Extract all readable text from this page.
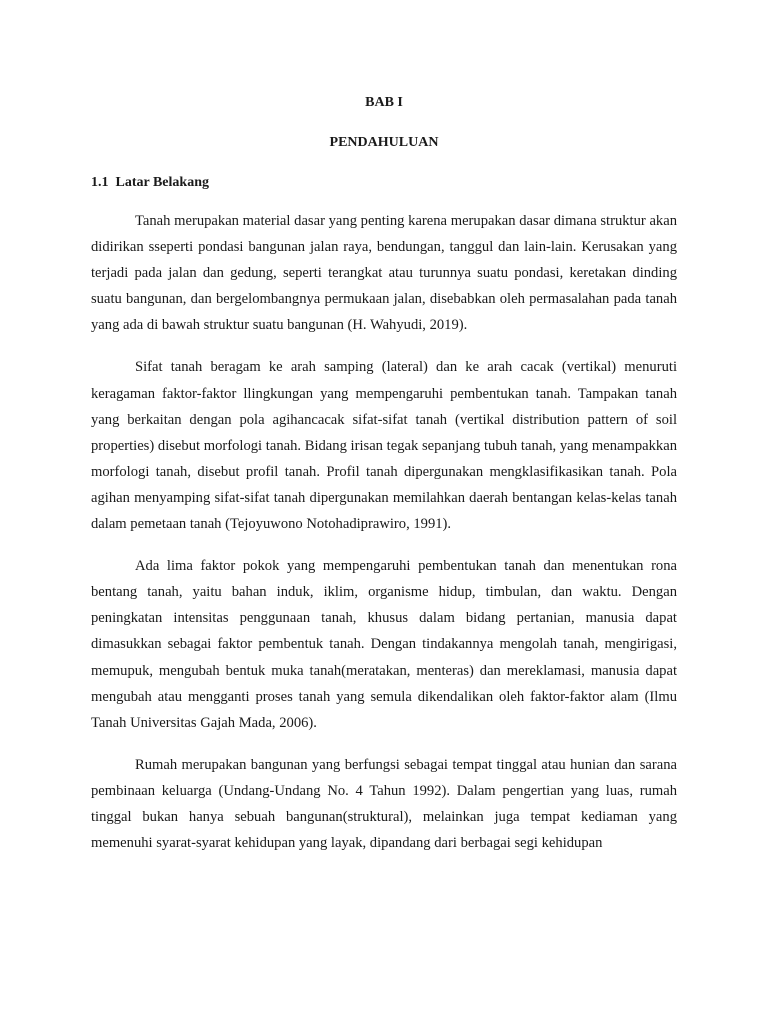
BAB I
PENDAHULUAN
1.1  Latar Belakang

Tanah merupakan material dasar yang penting karena merupakan dasar dimana struktur akan didirikan sseperti pondasi bangunan jalan raya, bendungan, tanggul dan lain-lain. Kerusakan yang terjadi pada jalan dan gedung, seperti terangkat atau turunnya suatu pondasi, keretakan dinding suatu bangunan, dan bergelombangnya permukaan jalan, disebabkan oleh permasalahan pada tanah yang ada di bawah struktur suatu bangunan (H. Wahyudi, 2019).

Sifat tanah beragam ke arah samping (lateral) dan ke arah cacak (vertikal) menuruti keragaman faktor-faktor llingkungan yang mempengaruhi pembentukan tanah. Tampakan tanah yang berkaitan dengan pola agihancacak sifat-sifat tanah (vertikal distribution pattern of soil properties) disebut morfologi tanah. Bidang irisan tegak sepanjang tubuh tanah, yang menampakkan morfologi tanah, disebut profil tanah. Profil tanah dipergunakan mengklasifikasikan tanah. Pola agihan menyamping sifat-sifat tanah dipergunakan memilahkan daerah bentangan kelas-kelas tanah dalam pemetaan tanah (Tejoyuwono Notohadiprawiro, 1991).

Ada lima faktor pokok yang mempengaruhi pembentukan tanah dan menentukan rona bentang tanah, yaitu bahan induk, iklim, organisme hidup, timbulan, dan waktu. Dengan peningkatan intensitas penggunaan tanah, khusus dalam bidang pertanian, manusia dapat dimasukkan sebagai faktor pembentuk tanah. Dengan tindakannya mengolah tanah, mengirigasi, memupuk, mengubah bentuk muka tanah(meratakan, menteras) dan mereklamasi, manusia dapat mengubah atau mengganti proses tanah yang semula dikendalikan oleh faktor-faktor alam (Ilmu Tanah Universitas Gajah Mada, 2006).

Rumah merupakan bangunan yang berfungsi sebagai tempat tinggal atau hunian dan sarana pembinaan keluarga (Undang-Undang No. 4 Tahun 1992). Dalam pengertian yang luas, rumah tinggal bukan hanya sebuah bangunan(struktural), melainkan juga tempat kediaman yang memenuhi syarat-syarat kehidupan yang layak, dipandang dari berbagai segi kehidupan
